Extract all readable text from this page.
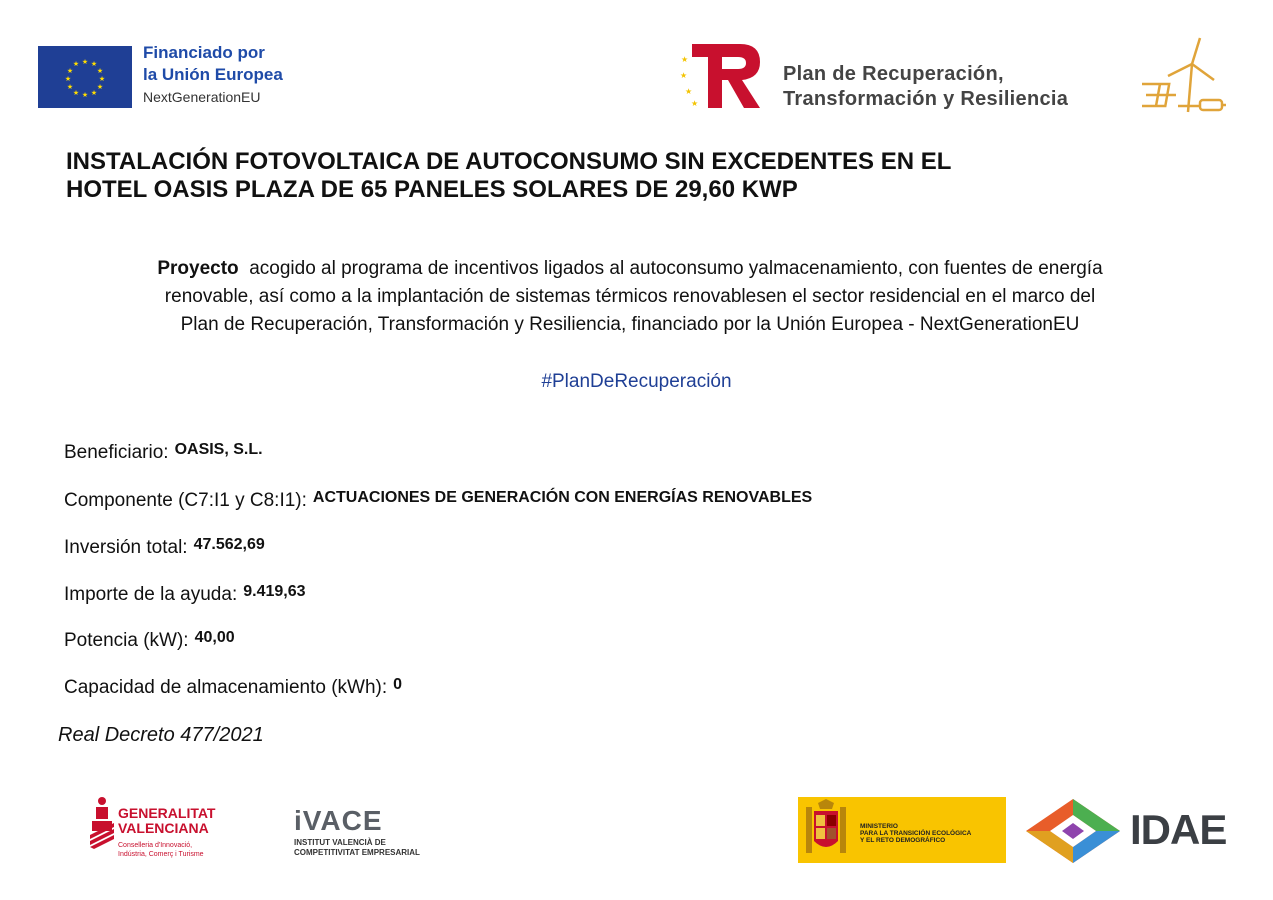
★ ★
★
★
★
★
★
★
★
★
★
★
Financiado por
la Unión Europea
NextGenerationEU
★
★
★
★
Plan de Recuperación,
Transformación y Resiliencia
INSTALACIÓN FOTOVOLTAICA DE AUTOCONSUMO SIN EXCEDENTES EN EL
HOTEL OASIS PLAZA DE 65 PANELES SOLARES DE 29,60 KWP
Proyecto acogido al programa de incentivos ligados al autoconsumo yalmacenamiento, con fuentes de energía
renovable, así como a la implantación de sistemas térmicos renovablesen el sector residencial en el marco del
Plan de Recuperación, Transformación y Resiliencia, financiado por la Unión Europea - NextGenerationEU
#PlanDeRecuperación
Beneficiario: $^{OASIS, S.L.}$
Componente (C7:I1 y C8:I1): $^{ACTUACIONES DE GENERACIÓN CON ENERGÍAS RENOVABLES}$
Inversión total: $^{47.562,69}$
Importe de la ayuda: $^{9.419,63}$
Potencia (kW): $^{40,00}$
Capacidad de almacenamiento (kWh): $^0$
Real Decreto 477/2021
GENERALITAT
VALENCIANA
Conselleria d'Innovació,
Indústria, Comerç i Turisme
iVACE
INSTITUT VALENCIÀ DE
COMPETITIVITAT EMPRESARIAL
MINISTERIO
PARA LA TRANSICIÓN ECOLÓGICA
Y EL RETO DEMOGRÁFICO	IDAE
